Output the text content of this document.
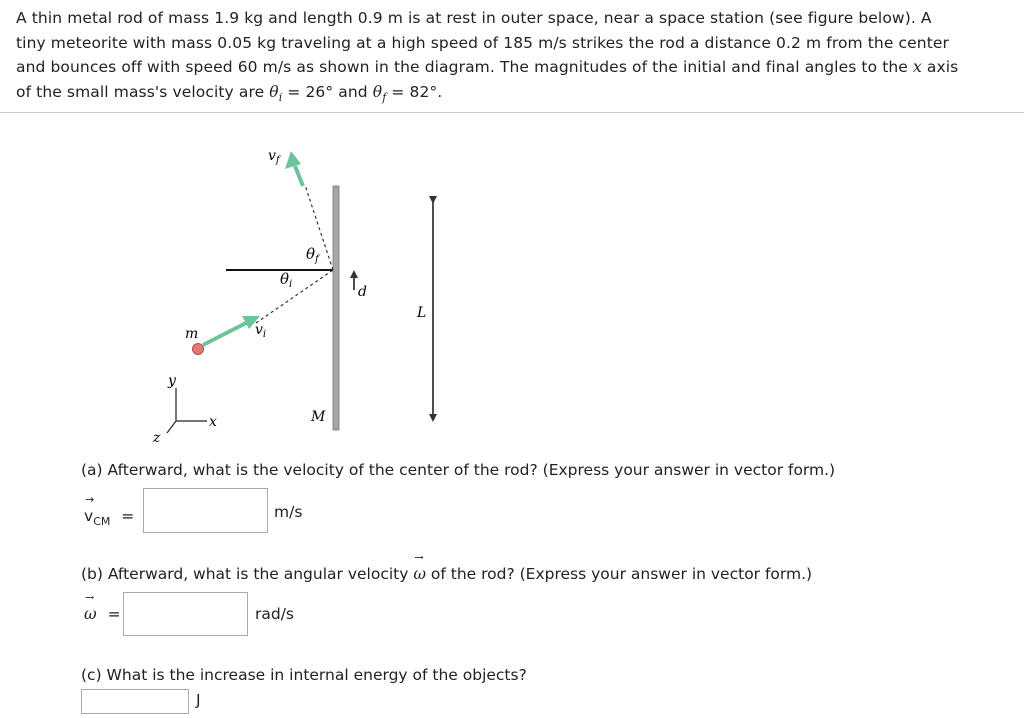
A thin metal rod of mass 1.9 kg and length 0.9 m is at rest in outer space, near a space station (see figure below). A
tiny meteorite with mass 0.05 kg traveling at a high speed of 185 m/s strikes the rod a distance 0.2 m from the center
and bounces off with speed 60 m/s as shown in the diagram. The magnitudes of the initial and final angles to the x axis
of the small mass's velocity are $\theta_i = 26^\circ$ and $\theta_f = 82^\circ$.
$v_f$
$\theta_f$
$\theta_i$	d
L
m	$v_i$
y
x
z
M
(a) Afterward, what is the velocity of the center of the rod? (Express your answer in vector form.)
→
$v_{CM}$ =	m/s
(b) Afterward, what is the angular velocity
→
ω of the rod? (Express your answer in vector form.)
→
ω =	rad/s
(c) What is the increase in internal energy of the objects?
J
